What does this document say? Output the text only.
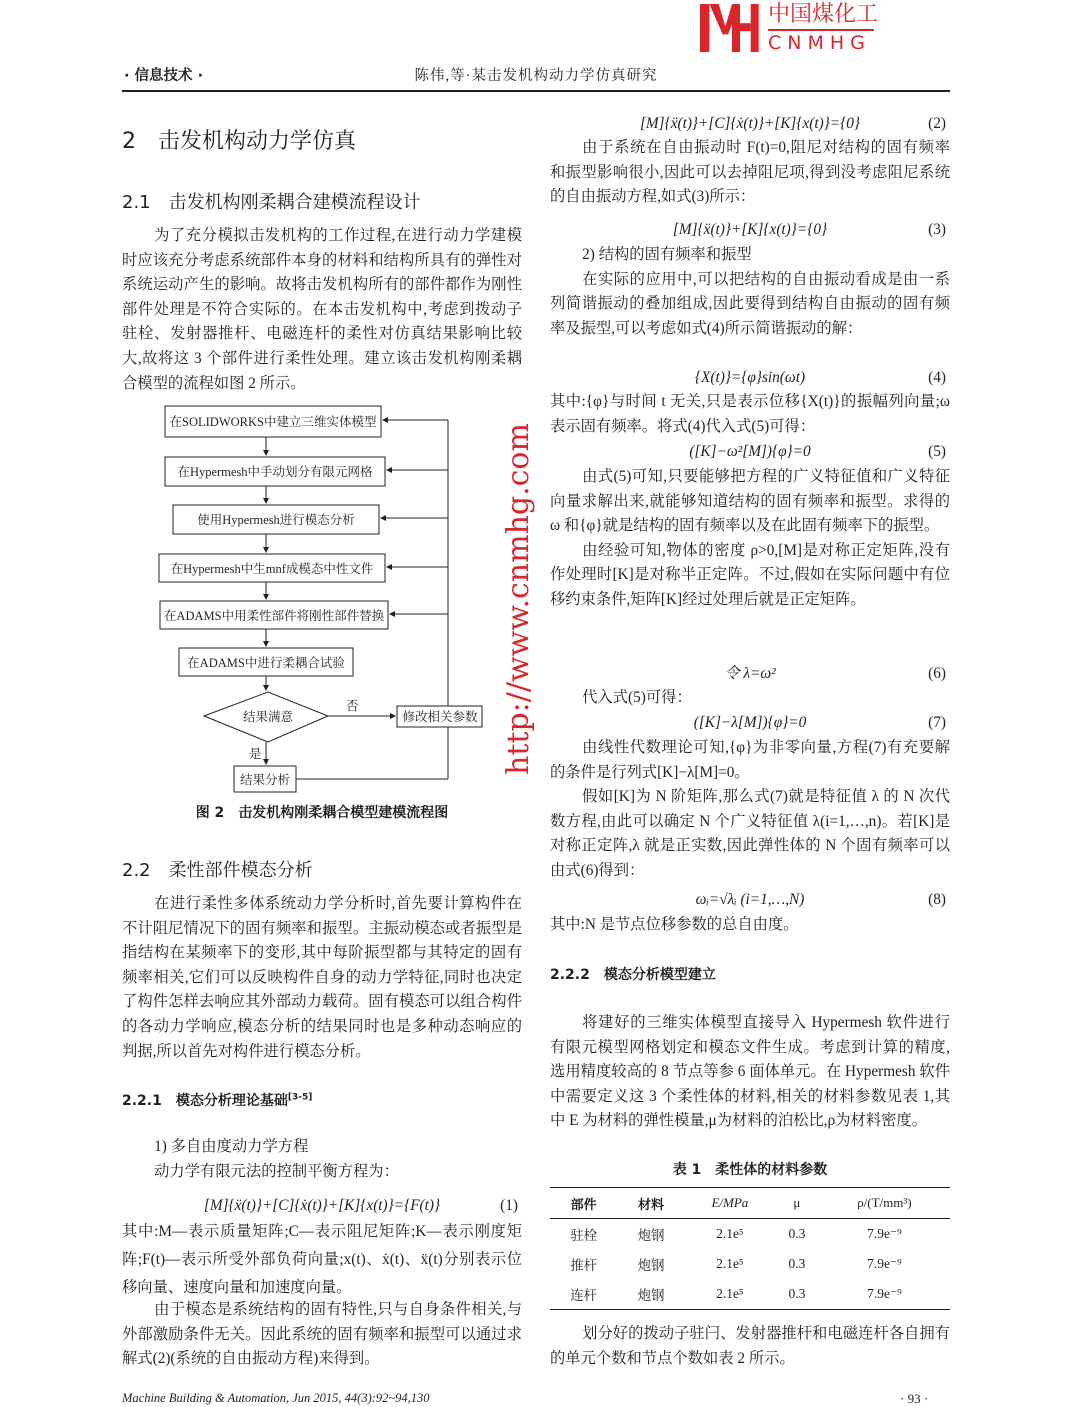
· 信息技术 ·	陈伟,等·某击发机构动力学仿真研究
2　击发机构动力学仿真
2.1　击发机构刚柔耦合建模流程设计

为了充分模拟击发机构的工作过程,在进行动力学建模时应该充分考虑系统部件本身的材料和结构所具有的弹性对系统运动产生的影响。故将击发机构所有的部件都作为刚性部件处理是不符合实际的。在本击发机构中,考虑到拨动子驻栓、发射器推杆、电磁连杆的柔性对仿真结果影响比较大,故将这 3 个部件进行柔性处理。建立该击发机构刚柔耦合模型的流程如图 2 所示。

在SOLIDWORKS中建立三维实体模型
在Hypermesh中手动划分有限元网格
使用Hypermesh进行模态分析
在Hypermesh中生mnf成模态中性文件
在ADAMS中用柔性部件将刚性部件替换
在ADAMS中进行柔耦合试验
结果满意
否
是
修改相关参数
结果分析
图 2　击发机构刚柔耦合模型建模流程图
2.2　柔性部件模态分析

在进行柔性多体系统动力学分析时,首先要计算构件在不计阻尼情况下的固有频率和振型。主振动模态或者振型是指结构在某频率下的变形,其中每阶振型都与其特定的固有频率相关,它们可以反映构件自身的动力学特征,同时也决定了构件怎样去响应其外部动力载荷。固有模态可以组合构件的各动力学响应,模态分析的结果同时也是多种动态响应的判据,所以首先对构件进行模态分析。

2.2.1　模态分析理论基础[3-5]

1) 多自由度动力学方程

动力学有限元法的控制平衡方程为：

[M]{ẍ(t)}+[C]{ẋ(t)}+[K]{x(t)}={F(t)}	(1)

其中:M—表示质量矩阵;C—表示阻尼矩阵;K—表示刚度矩阵;F(t)—表示所受外部负荷向量;x(t)、ẋ(t)、ẍ(t)分别表示位移向量、速度向量和加速度向量。

由于模态是系统结构的固有特性,只与自身条件相关,与外部激励条件无关。因此系统的固有频率和振型可以通过求解式(2)(系统的自由振动方程)来得到。

[M]{ẍ(t)}+[C]{ẋ(t)}+[K]{x(t)}={0}	(2)

由于系统在自由振动时 F(t)=0,阻尼对结构的固有频率和振型影响很小,因此可以去掉阻尼项,得到没考虑阻尼系统的自由振动方程,如式(3)所示：

[M]{ẍ(t)}+[K]{x(t)}={0}	(3)

2) 结构的固有频率和振型

在实际的应用中,可以把结构的自由振动看成是由一系列简谐振动的叠加组成,因此要得到结构自由振动的固有频率及振型,可以考虑如式(4)所示简谐振动的解：

{X(t)}={φ}sin(ωt)	(4)

其中:{φ}与时间 t 无关,只是表示位移{X(t)}的振幅列向量;ω 表示固有频率。将式(4)代入式(5)可得：

([K]−ω²[M]){φ}=0	(5)

由式(5)可知,只要能够把方程的广义特征值和广义特征向量求解出来,就能够知道结构的固有频率和振型。求得的 ω 和{φ}就是结构的固有频率以及在此固有频率下的振型。

由经验可知,物体的密度 ρ>0,[M]是对称正定矩阵,没有作处理时[K]是对称半正定阵。不过,假如在实际问题中有位移约束条件,矩阵[K]经过处理后就是正定矩阵。

令 λ=ω²	(6)

代入式(5)可得：

([K]−λ[M]){φ}=0	(7)

由线性代数理论可知,{φ}为非零向量,方程(7)有充要解的条件是行列式[K]−λ[M]=0。

假如[K]为 N 阶矩阵,那么式(7)就是特征值 λ 的 N 次代数方程,由此可以确定 N 个广义特征值 λ(i=1,…,n)。若[K]是对称正定阵,λ 就是正实数,因此弹性体的 N 个固有频率可以由式(6)得到：

ωᵢ=√λᵢ (i=1,…,N)	(8)

其中:N 是节点位移参数的总自由度。

2.2.2　模态分析模型建立

将建好的三维实体模型直接导入 Hypermesh 软件进行有限元模型网格划定和模态文件生成。考虑到计算的精度,选用精度较高的 8 节点等参 6 面体单元。在 Hypermesh 软件中需要定义这 3 个柔性体的材料,相关的材料参数见表 1,其中 E 为材料的弹性模量,μ为材料的泊松比,ρ为材料密度。

表 1　柔性体的材料参数
部件	材料	E/MPa	μ	ρ/(T/mm³)
驻栓	炮钢	2.1e⁵	0.3	7.9e⁻⁹
推杆	炮钢	2.1e⁵	0.3	7.9e⁻⁹
连杆	炮钢	2.1e⁵	0.3	7.9e⁻⁹

划分好的拨动子驻闩、发射器推杆和电磁连杆各自拥有的单元个数和节点个数如表 2 所示。

Machine Building & Automation, Jun 2015, 44(3):92~94,130	· 93 ·
http://www.cnmhg.com
中国煤化工
CNMHG
